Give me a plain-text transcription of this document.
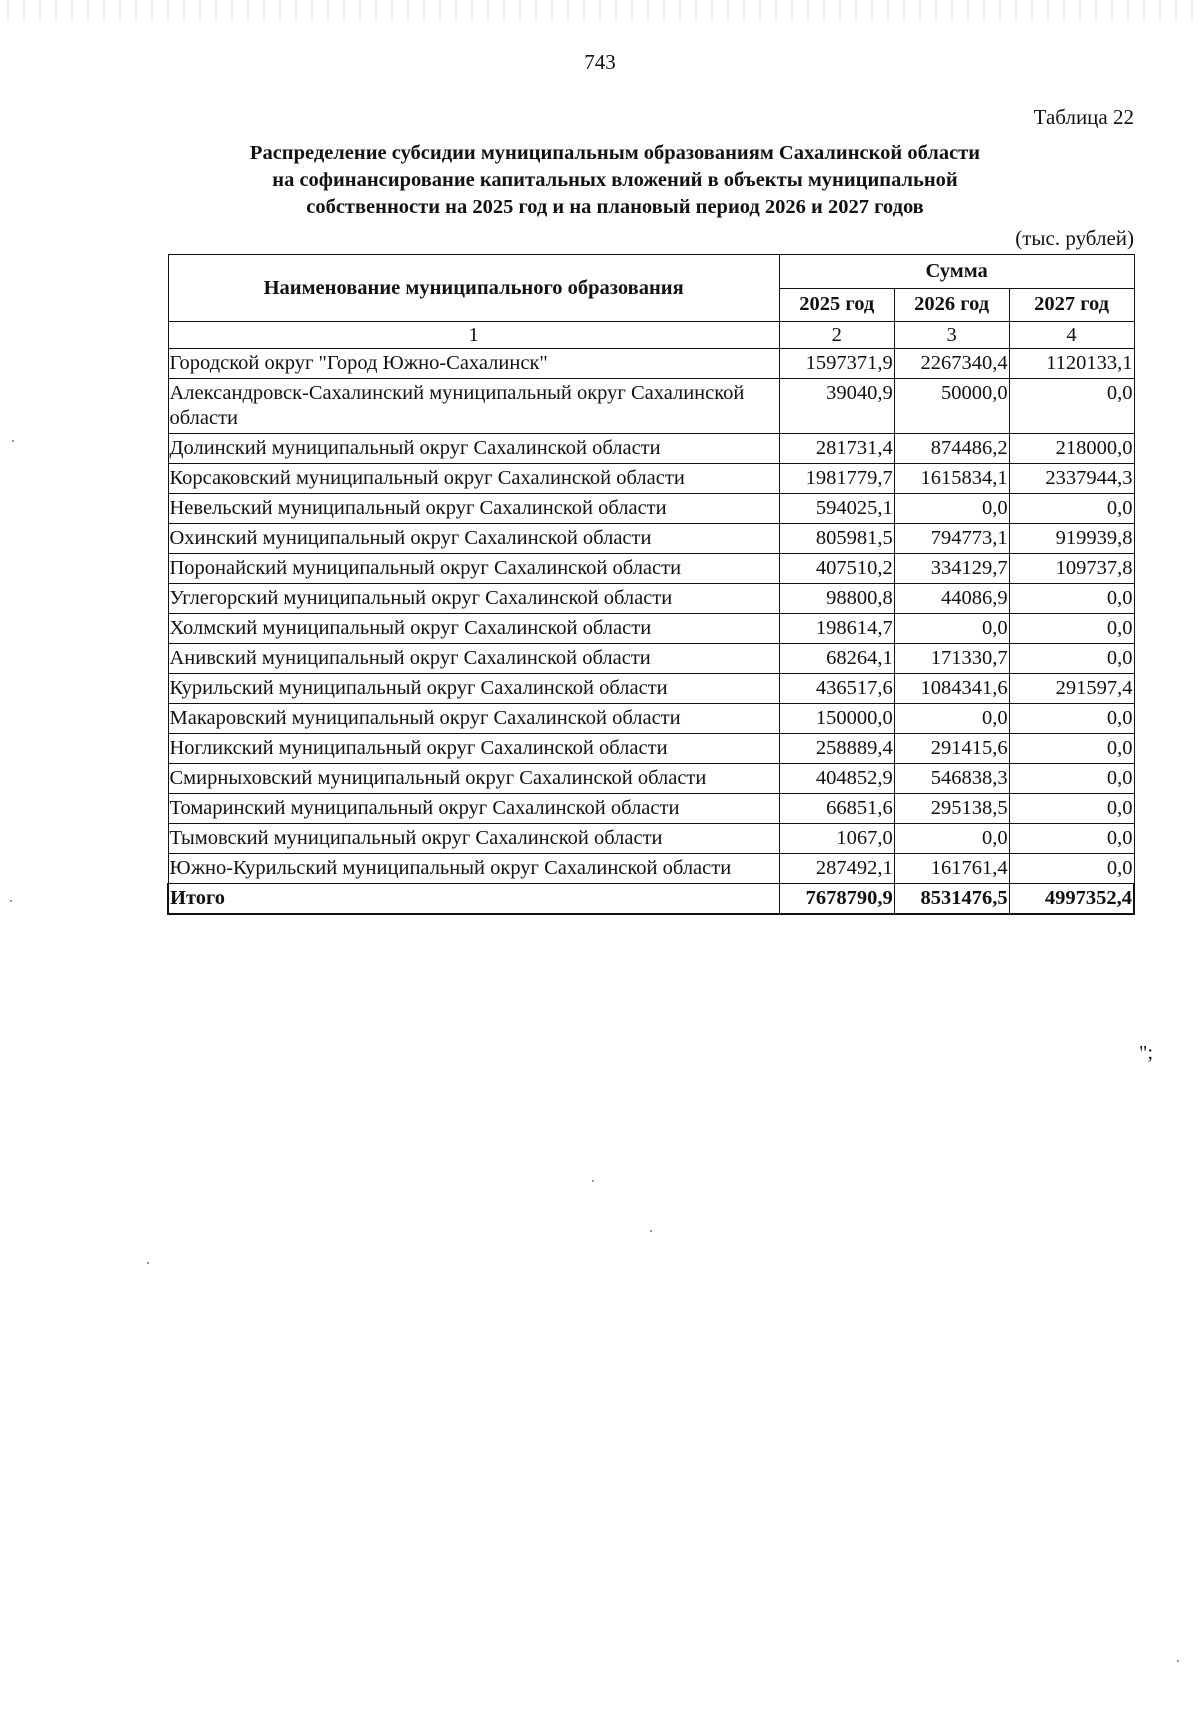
743
Таблица 22
Распределение субсидии муниципальным образованиям Сахалинской области
на софинансирование капитальных вложений в объекты муниципальной
собственности на 2025 год и на плановый период 2026 и 2027 годов
(тыс. рублей)
Наименование муниципального образования	Сумма		
	2025 год	2026 год	2027 год
1	2	3	4
Городской округ "Город Южно-Сахалинск"	1597371,9	2267340,4	1120133,1
Александровск-Сахалинский муниципальный округ Сахалинской области	39040,9	50000,0	0,0
Долинский муниципальный округ Сахалинской области	281731,4	874486,2	218000,0
Корсаковский муниципальный округ Сахалинской области	1981779,7	1615834,1	2337944,3
Невельский муниципальный округ Сахалинской области	594025,1	0,0	0,0
Охинский муниципальный округ Сахалинской области	805981,5	794773,1	919939,8
Поронайский муниципальный округ Сахалинской области	407510,2	334129,7	109737,8
Углегорский муниципальный округ Сахалинской области	98800,8	44086,9	0,0
Холмский муниципальный округ Сахалинской области	198614,7	0,0	0,0
Анивский муниципальный округ Сахалинской области	68264,1	171330,7	0,0
Курильский муниципальный округ Сахалинской области	436517,6	1084341,6	291597,4
Макаровский муниципальный округ Сахалинской области	150000,0	0,0	0,0
Ногликский муниципальный округ Сахалинской области	258889,4	291415,6	0,0
Смирныховский муниципальный округ Сахалинской области	404852,9	546838,3	0,0
Томаринский муниципальный округ Сахалинской области	66851,6	295138,5	0,0
Тымовский муниципальный округ Сахалинской области	1067,0	0,0	0,0
Южно-Курильский муниципальный округ Сахалинской области	287492,1	161761,4	0,0
Итого	7678790,9	8531476,5	4997352,4
";
